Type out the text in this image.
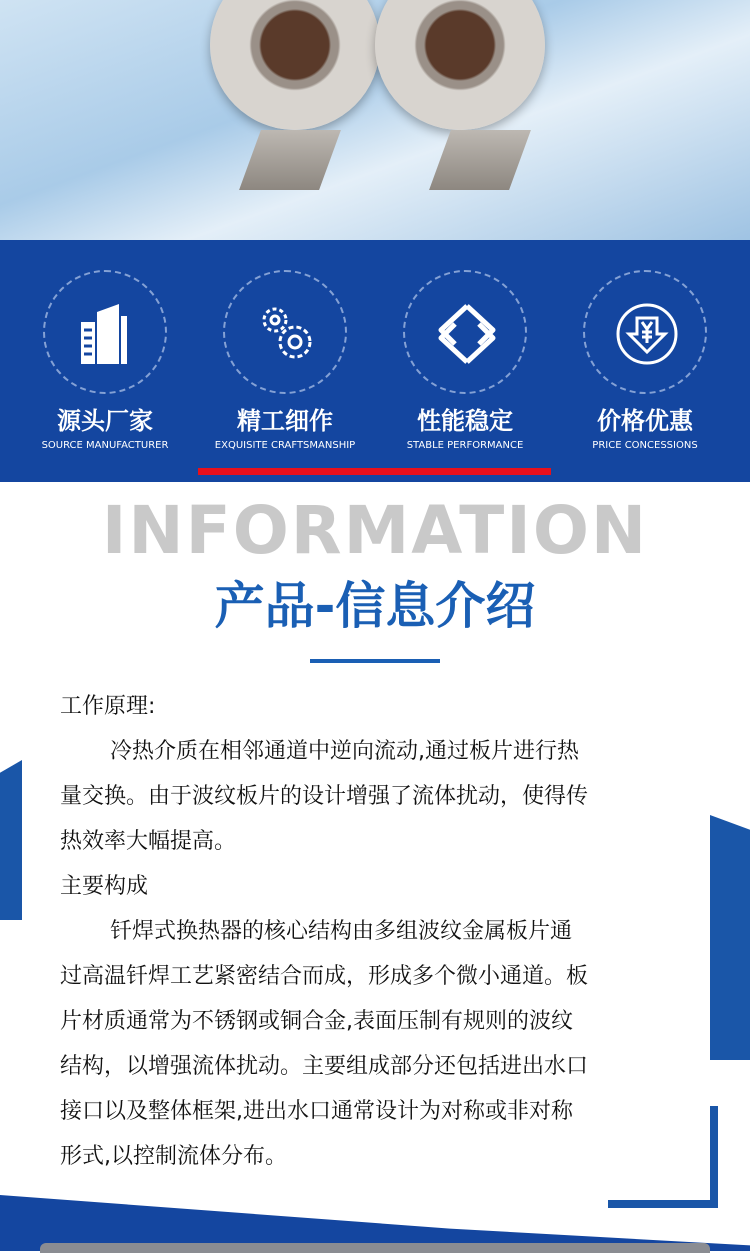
源头厂家
SOURCE MANUFACTURER
精工细作
EXQUISITE CRAFTSMANSHIP
性能稳定
STABLE PERFORMANCE
价格优惠
PRICE CONCESSIONS
INFORMATION
产品-信息介绍
工作原理:
冷热介质在相邻通道中逆向流动,通过板片进行热
量交换。由于波纹板片的设计增强了流体扰动，使得传
热效率大幅提高。
主要构成
钎焊式换热器的核心结构由多组波纹金属板片通
过高温钎焊工艺紧密结合而成，形成多个微小通道。板
片材质通常为不锈钢或铜合金,表面压制有规则的波纹
结构，以增强流体扰动。主要组成部分还包括进出水口
接口以及整体框架,进出水口通常设计为对称或非对称
形式,以控制流体分布。
